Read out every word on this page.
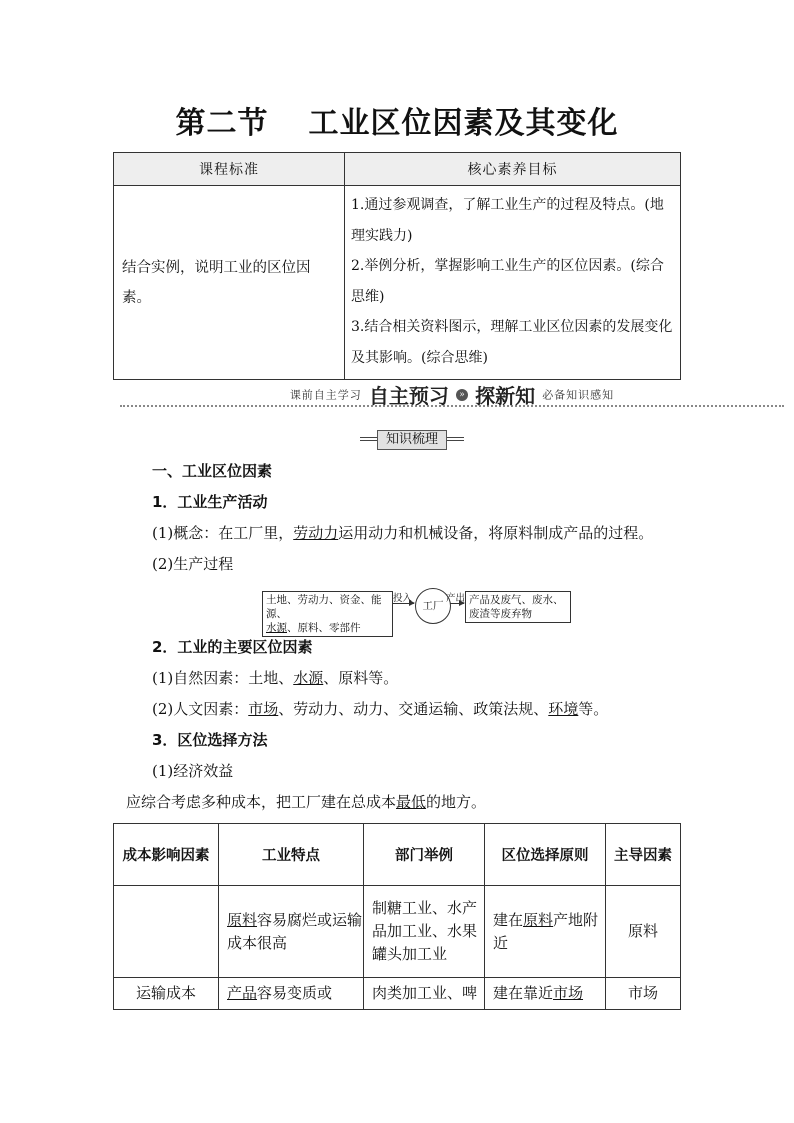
第二节 工业区位因素及其变化
课程标准	核心素养目标
结合实例，说明工业的区位因素。	1.通过参观调查，了解工业生产的过程及特点。(地理实践力)
2.举例分析，掌握影响工业生产的区位因素。(综合思维)
3.结合相关资料图示，理解工业区位因素的发展变化及其影响。(综合思维)
课前自主学习 自主预习 » 探新知 必备知识感知
知识梳理
一、工业区位因素
1．工业生产活动
(1)概念：在工厂里，劳动力运用动力和机械设备，将原料制成产品的过程。
(2)生产过程
土地、劳动力、资金、能源、
水源、原料、零部件
投入
工厂
产出 产品及废气、废水、
废渣等废弃物
2．工业的主要区位因素
(1)自然因素：土地、水源、原料等。
(2)人文因素：市场、劳动力、动力、交通运输、政策法规、环境等。
3．区位选择方法
(1)经济效益
应综合考虑多种成本，把工厂建在总成本最低的地方。
成本影响因素	工业特点	部门举例	区位选择原则	主导因素
	原料容易腐烂或运输成本很高	制糖工业、水产品加工业、水果罐头加工业	建在原料产地附近	原料
运输成本	产品容易变质或	肉类加工业、啤	建在靠近市场	市场
